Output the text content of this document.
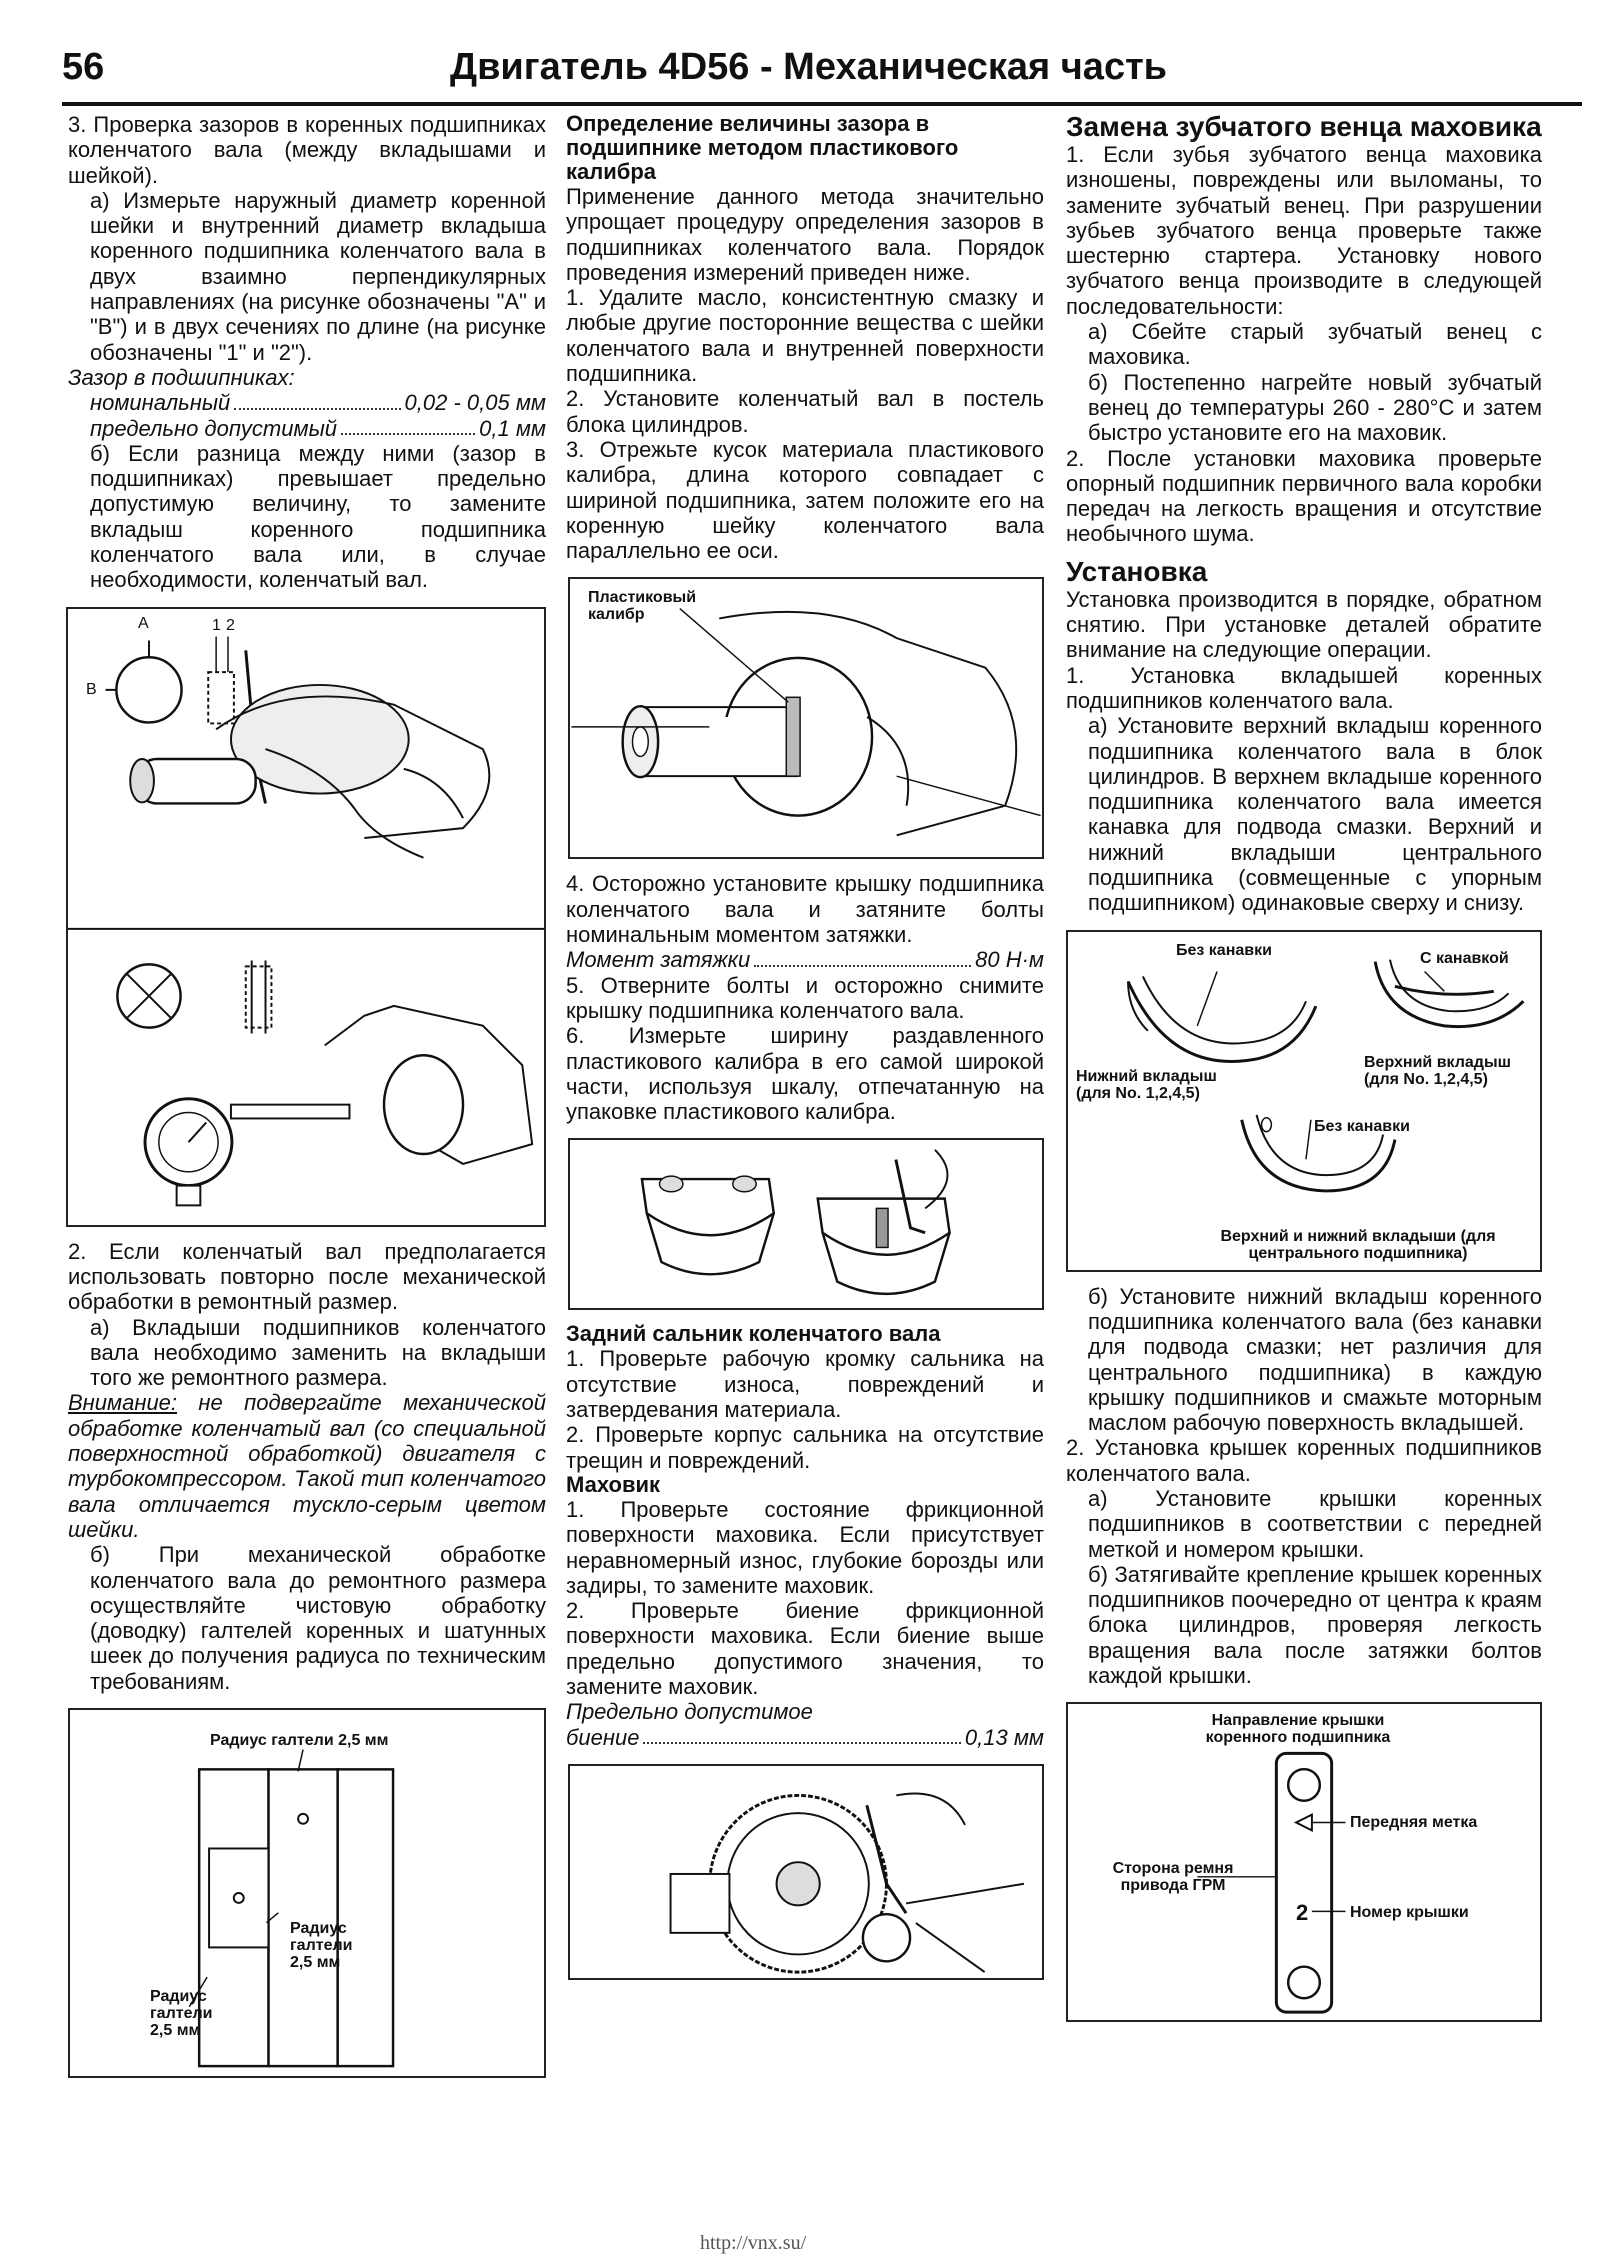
56	Двигатель 4D56 - Механическая часть

3. Проверка зазоров в коренных подшипниках коленчатого вала (между вкладышами и шейкой).

а) Измерьте наружный диаметр коренной шейки и внутренний диаметр вкладыша коренного подшипника коленчатого вала в двух взаимно перпендикулярных направлениях (на рисунке обозначены "A" и "B") и в двух сечениях по длине (на рисунке обозначены "1" и "2").

Зазор в подшипниках:

номинальный	0,02 - 0,05 мм
предельно допустимый	0,1 мм

б) Если разница между ними (зазор в подшипниках) превышает предельно допустимую величину, то замените вкладыш коренного подшипника коленчатого вала или, в случае необходимости, коленчатый вал.

A
B
1 2

2. Если коленчатый вал предполагается использовать повторно после механической обработки в ремонтный размер.

а) Вкладыши подшипников коленчатого вала необходимо заменить на вкладыши того же ремонтного размера.

Внимание: не подвергайте механической обработке коленчатый вал (со специальной поверхностной обработкой) двигателя с турбокомпрессором. Такой тип коленчатого вала отличается тускло-серым цветом шейки.

б) При механической обработке коленчатого вала до ремонтного размера осуществляйте чистовую обработку (доводку) галтелей коренных и шатунных шеек до получения радиуса по техническим требованиям.

Радиус галтели 2,5 мм
Радиус галтели 2,5 мм
Радиус галтели 2,5 мм

Определение величины зазора в подшипнике методом пластикового калибра

Применение данного метода значительно упрощает процедуру определения зазоров в подшипниках коленчатого вала. Порядок проведения измерений приведен ниже.

1. Удалите масло, консистентную смазку и любые другие посторонние вещества с шейки коленчатого вала и внутренней поверхности подшипника.

2. Установите коленчатый вал в постель блока цилиндров.

3. Отрежьте кусок материала пластикового калибра, длина которого совпадает с шириной подшипника, затем положите его на коренную шейку коленчатого вала параллельно ее оси.

Пластиковый калибр

4. Осторожно установите крышку подшипника коленчатого вала и затяните болты номинальным моментом затяжки.

Момент затяжки	80 Н·м

5. Отверните болты и осторожно снимите крышку подшипника коленчатого вала.

6. Измерьте ширину раздавленного пластикового калибра в его самой широкой части, используя шкалу, отпечатанную на упаковке пластикового калибра.

Задний сальник коленчатого вала

1. Проверьте рабочую кромку сальника на отсутствие износа, повреждений и затвердевания материала.

2. Проверьте корпус сальника на отсутствие трещин и повреждений.

Маховик

1. Проверьте состояние фрикционной поверхности маховика. Если присутствует неравномерный износ, глубокие борозды или задиры, то замените маховик.

2. Проверьте биение фрикционной поверхности маховика. Если биение выше предельно допустимого значения, то замените маховик.

Предельно допустимое

биение	0,13 мм

Замена зубчатого венца маховика

1. Если зубья зубчатого венца маховика изношены, повреждены или выломаны, то замените зубчатый венец. При разрушении зубьев зубчатого венца проверьте также шестерню стартера. Установку нового зубчатого венца производите в следующей последовательности:

а) Сбейте старый зубчатый венец с маховика.

б) Постепенно нагрейте новый зубчатый венец до температуры 260 - 280°C и затем быстро установите его на маховик.

2. После установки маховика проверьте опорный подшипник первичного вала коробки передач на легкость вращения и отсутствие необычного шума.

Установка

Установка производится в порядке, обратном снятию. При установке деталей обратите внимание на следующие операции.

1. Установка вкладышей коренных подшипников коленчатого вала.

а) Установите верхний вкладыш коренного подшипника коленчатого вала в блок цилиндров. В верхнем вкладыше коренного подшипника коленчатого вала имеется канавка для подвода смазки. Верхний и нижний вкладыши центрального подшипника (совмещенные с упорным подшипником) одинаковые сверху и снизу.

Без канавки	С канавкой
Нижний вкладыш (для No. 1,2,4,5)
Верхний вкладыш (для No. 1,2,4,5)
Без канавки
Верхний и нижний вкладыши (для центрального подшипника)

б) Установите нижний вкладыш коренного подшипника коленчатого вала (без канавки для подвода смазки; нет различия для центрального подшипника) в каждую крышку подшипников и смажьте моторным маслом рабочую поверхность вкладышей.

2. Установка крышек коренных подшипников коленчатого вала.

а) Установите крышки коренных подшипников в соответствии с передней меткой и номером крышки.

б) Затягивайте крепление крышек коренных подшипников поочередно от центра к краям блока цилиндров, проверяя легкость вращения вала после затяжки болтов каждой крышки.

Направление крышки коренного подшипника
Передняя метка
Сторона ремня привода ГРМ
Номер крышки
2
http://vnx.su/
